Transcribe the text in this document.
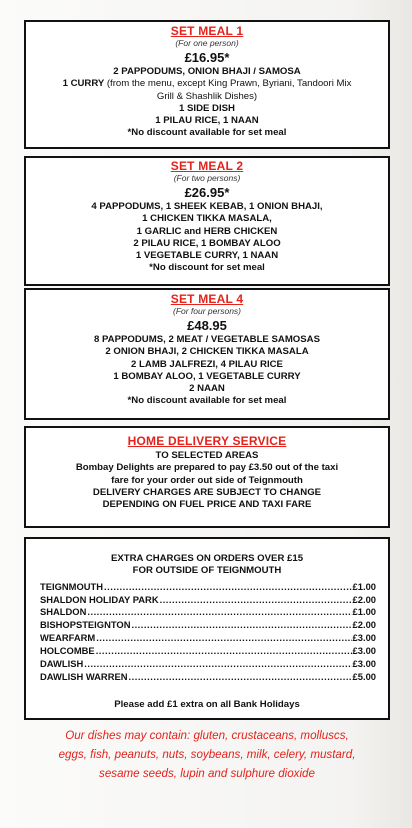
SET MEAL 1
(For one person)
£16.95*
2 PAPPODUMS, ONION BHAJI / SAMOSA
1 CURRY (from the menu, except King Prawn, Byriani, Tandoori Mix
Grill & Shashlik Dishes)
1 SIDE DISH
1 PILAU RICE, 1 NAAN
*No discount available for set meal
SET MEAL 2
(For two persons)
£26.95*
4 PAPPODUMS, 1 SHEEK KEBAB, 1 ONION BHAJI,
1 CHICKEN TIKKA MASALA,
1 GARLIC and HERB CHICKEN
2 PILAU RICE, 1 BOMBAY ALOO
1 VEGETABLE CURRY, 1 NAAN
*No discount for set meal
SET MEAL 4
(For four persons)
£48.95
8 PAPPODUMS, 2 MEAT / VEGETABLE SAMOSAS
2 ONION BHAJI, 2 CHICKEN TIKKA MASALA
2 LAMB JALFREZI, 4 PILAU RICE
1 BOMBAY ALOO, 1 VEGETABLE CURRY
2 NAAN
*No discount available for set meal
HOME DELIVERY SERVICE
TO SELECTED AREAS
Bombay Delights are prepared to pay £3.50 out of the taxi
fare for your order out side of Teignmouth
DELIVERY CHARGES ARE SUBJECT TO CHANGE
DEPENDING ON FUEL PRICE AND TAXI FARE
EXTRA CHARGES ON ORDERS OVER £15
FOR OUTSIDE OF TEIGNMOUTH
TEIGNMOUTH .....	£1.00
SHALDON HOLIDAY PARK .....	£2.00
SHALDON .....	£1.00
BISHOPSTEIGNTON .....	£2.00
WEARFARM .....	£3.00
HOLCOMBE .....	£3.00
DAWLISH .....	£3.00
DAWLISH WARREN .....	£5.00
Please add £1 extra on all Bank Holidays
Our dishes may contain: gluten, crustaceans, molluscs,
eggs, fish, peanuts, nuts, soybeans, milk, celery, mustard,
sesame seeds, lupin and sulphure dioxide
